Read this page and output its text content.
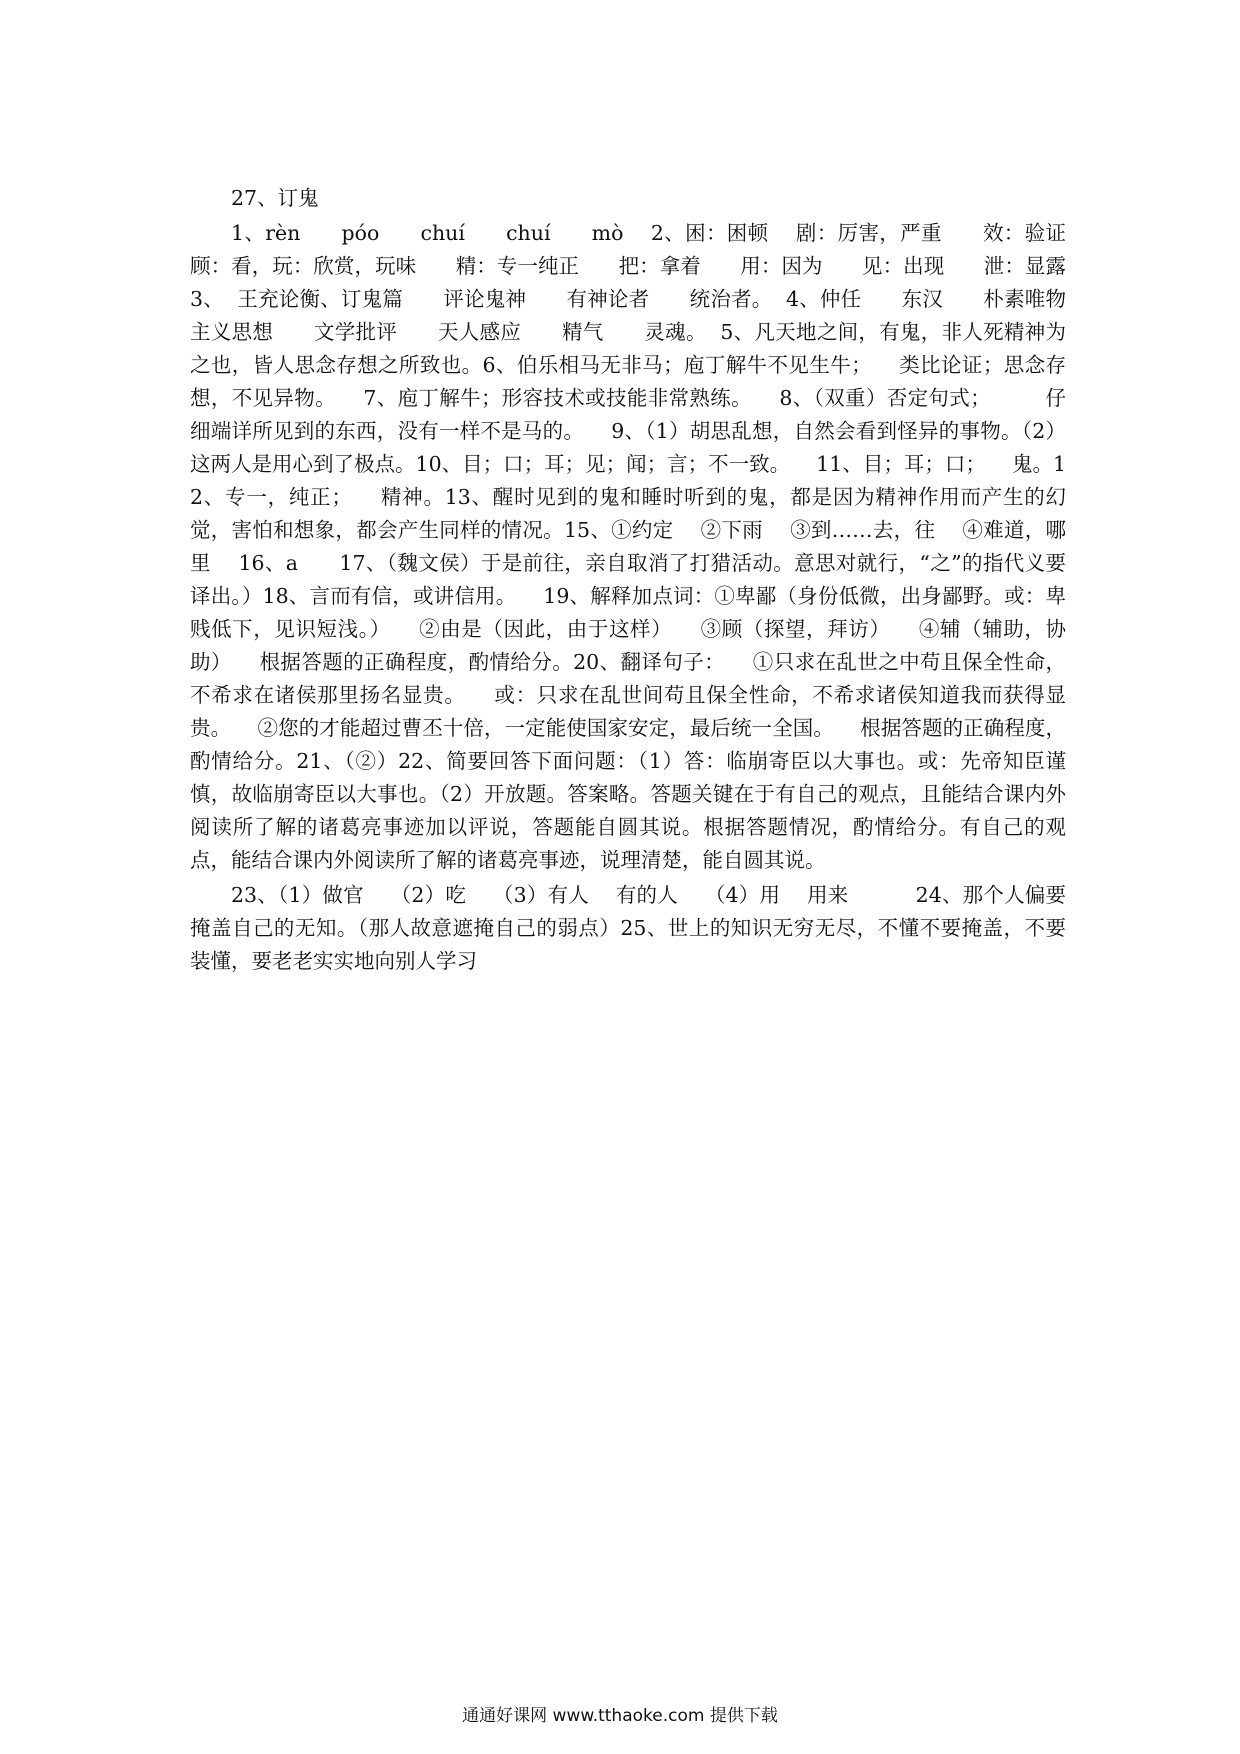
27、订鬼

1、rèn      póo      chuí      chuí      mò    2、困：困顿    剧：厉害，严重      效：验证      顾：看，玩：欣赏，玩味      精：专一纯正      把：拿着      用：因为      见：出现      泄：显露      3、  王充论衡、订鬼篇      评论鬼神      有神论者      统治者。  4、仲任      东汉      朴素唯物主义思想      文学批评      天人感应      精气      灵魂。  5、凡天地之间，有鬼，非人死精神为之也，皆人思念存想之所致也。6、伯乐相马无非马；庖丁解牛不见生牛；    类比论证；思念存想，不见异物。    7、庖丁解牛；形容技术或技能非常熟练。    8、（双重）否定句式；        仔细端详所见到的东西，没有一样不是马的。    9、（1）胡思乱想，自然会看到怪异的事物。（2）这两人是用心到了极点。10、目；口；耳；见；闻；言；不一致。    11、目；耳；口；    鬼。12、专一，纯正；    精神。13、醒时见到的鬼和睡时听到的鬼，都是因为精神作用而产生的幻觉，害怕和想象，都会产生同样的情况。15、①约定    ②下雨    ③到……去，往    ④难道，哪里    16、a      17、（魏文侯）于是前往，亲自取消了打猎活动。意思对就行，“之”的指代义要译出。）18、言而有信，或讲信用。    19、解释加点词：①卑鄙（身份低微，出身鄙野。或：卑贱低下，见识短浅。）    ②由是（因此，由于这样）    ③顾（探望，拜访）    ④辅（辅助，协助）    根据答题的正确程度，酌情给分。20、翻译句子：    ①只求在乱世之中苟且保全性命，不希求在诸侯那里扬名显贵。    或：只求在乱世间苟且保全性命，不希求诸侯知道我而获得显贵。    ②您的才能超过曹丕十倍，一定能使国家安定，最后统一全国。    根据答题的正确程度，酌情给分。21、（②）22、简要回答下面问题：（1）答：临崩寄臣以大事也。或：先帝知臣谨慎，故临崩寄臣以大事也。（2）开放题。答案略。答题关键在于有自己的观点，且能结合课内外阅读所了解的诸葛亮事迹加以评说，答题能自圆其说。根据答题情况，酌情给分。有自己的观点，能结合课内外阅读所了解的诸葛亮事迹，说理清楚，能自圆其说。

23、（1）做官    （2）吃    （3）有人    有的人    （4）用    用来          24、那个人偏要掩盖自己的无知。（那人故意遮掩自己的弱点）25、世上的知识无穷无尽，不懂不要掩盖，不要装懂，要老老实实地向别人学习

通通好课网 www.tthaoke.com 提供下载
